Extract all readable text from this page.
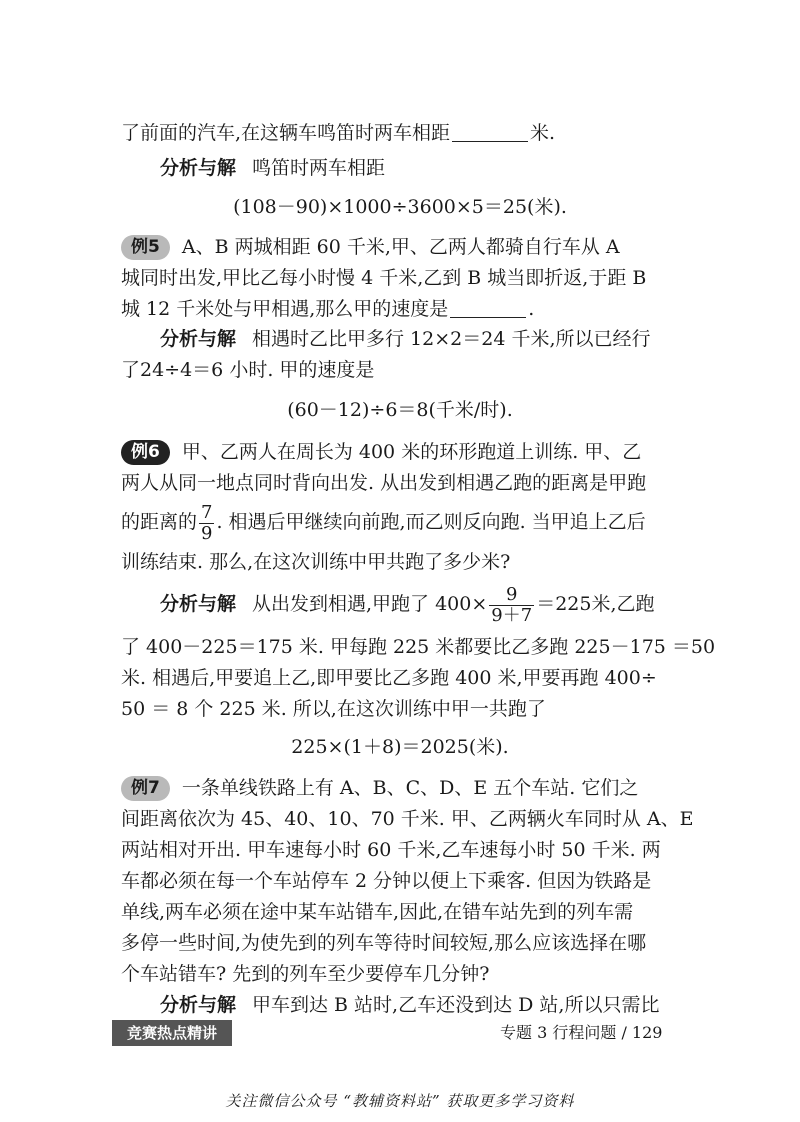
了前面的汽车,在这辆车鸣笛时两车相距	米.
分析与解 鸣笛时两车相距
(108－90)×1000÷3600×5＝25(米).
例5 A、B 两城相距 60 千米,甲、乙两人都骑自行车从 A
城同时出发,甲比乙每小时慢 4 千米,乙到 B 城当即折返,于距 B
城 12 千米处与甲相遇,那么甲的速度是	.
分析与解 相遇时乙比甲多行 12×2＝24 千米,所以已经行
了24÷4＝6 小时. 甲的速度是
(60－12)÷6＝8(千米/时).
例6 甲、乙两人在周长为 400 米的环形跑道上训练. 甲、乙
两人从同一地点同时背向出发. 从出发到相遇乙跑的距离是甲跑
的距离的 $\frac{7}{9}$ . 相遇后甲继续向前跑,而乙则反向跑. 当甲追上乙后
训练结束. 那么,在这次训练中甲共跑了多少米?
分析与解 从出发到相遇,甲跑了 $400\times \frac{9}{9+7} =225$米,乙跑
了 400－225＝175 米. 甲每跑 225 米都要比乙多跑 225－175 ＝50
米. 相遇后,甲要追上乙,即甲要比乙多跑 400 米,甲要再跑 400÷
50 ＝ 8 个 225 米. 所以,在这次训练中甲一共跑了
225×(1＋8)＝2025(米).
例7 一条单线铁路上有 A、B、C、D、E 五个车站. 它们之
间距离依次为 45、40、10、70 千米. 甲、乙两辆火车同时从 A、E
两站相对开出. 甲车速每小时 60 千米,乙车速每小时 50 千米. 两
车都必须在每一个车站停车 2 分钟以便上下乘客. 但因为铁路是
单线,两车必须在途中某车站错车,因此,在错车站先到的列车需
多停一些时间,为使先到的列车等待时间较短,那么应该选择在哪
个车站错车? 先到的列车至少要停车几分钟?
分析与解 甲车到达 B 站时,乙车还没到达 D 站,所以只需比
竞赛热点精讲	专题 3 行程问题 / 129
关注微信公众号 “教辅资料站” 获取更多学习资料
